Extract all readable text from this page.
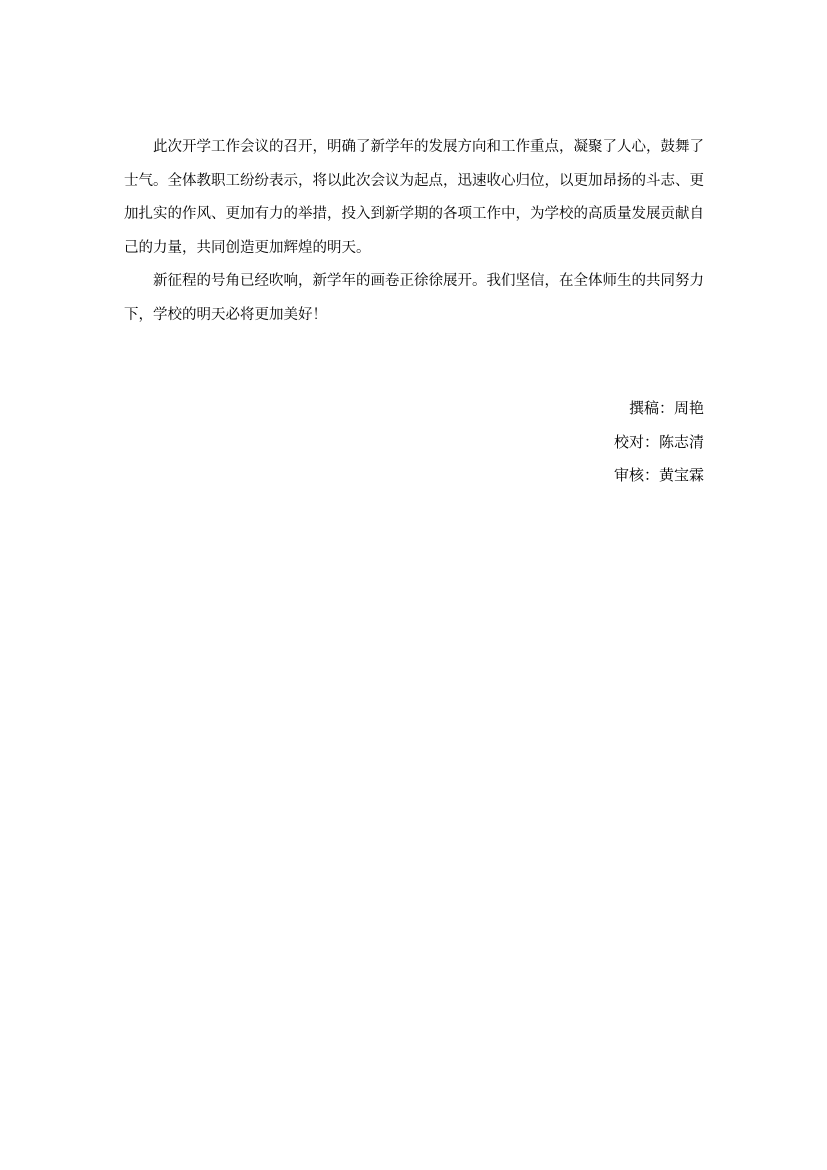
此次开学工作会议的召开，明确了新学年的发展方向和工作重点，凝聚了人心，鼓舞了士气。全体教职工纷纷表示，将以此次会议为起点，迅速收心归位，以更加昂扬的斗志、更加扎实的作风、更加有力的举措，投入到新学期的各项工作中，为学校的高质量发展贡献自己的力量，共同创造更加辉煌的明天。

新征程的号角已经吹响，新学年的画卷正徐徐展开。我们坚信，在全体师生的共同努力下，学校的明天必将更加美好！

撰稿：周艳

校对：陈志清

审核：黄宝霖
